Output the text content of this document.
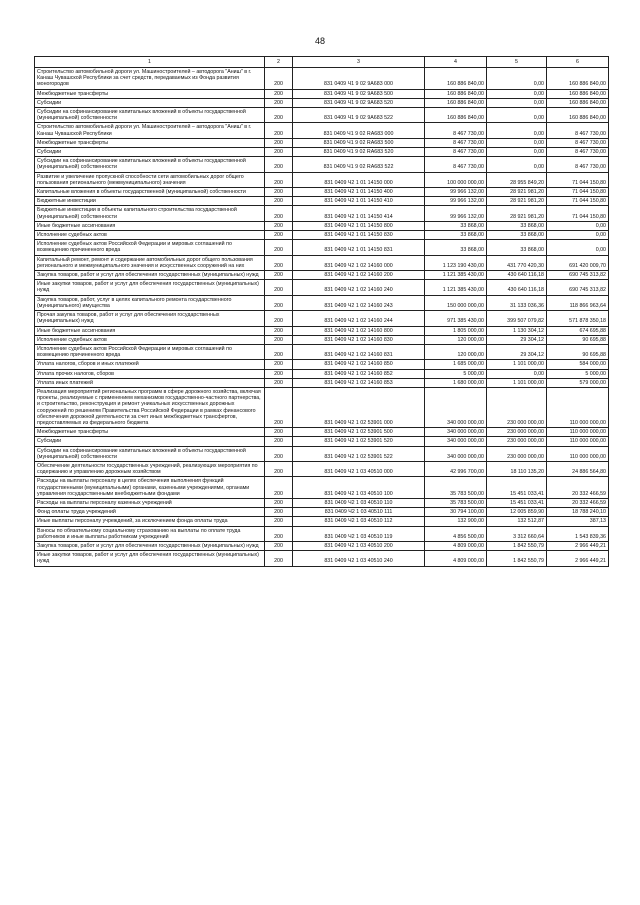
48
1	2	3	4	5	6
Строительство автомобильной дороги ул. Машиностроителей – автодорога "Аниш" в г. Канаш Чувашской Республики за счет средств, передаваемых из Фонда развития моногородов	200	831 0409 Ч1 9 02 9А683 000	160 886 840,00	0,00	160 886 840,00
Межбюджетные трансферты	200	831 0409 Ч1 9 02 9А683 500	160 886 840,00	0,00	160 886 840,00
Субсидии	200	831 0409 Ч1 9 02 9А683 520	160 886 840,00	0,00	160 886 840,00
Субсидии на софинансирование капитальных вложений в объекты государственной (муниципальной) собственности	200	831 0409 Ч1 9 02 9А683 522	160 886 840,00	0,00	160 886 840,00
Строительство автомобильной дороги ул. Машиностроителей – автодорога "Аниш" в г. Канаш Чувашской Республики	200	831 0409 Ч1 9 02 RA683 000	8 467 730,00	0,00	8 467 730,00
Межбюджетные трансферты	200	831 0409 Ч1 9 02 RA683 500	8 467 730,00	0,00	8 467 730,00
Субсидии	200	831 0409 Ч1 9 02 RA683 520	8 467 730,00	0,00	8 467 730,00
Субсидии на софинансирование капитальных вложений в объекты государственной (муниципальной) собственности	200	831 0409 Ч1 9 02 RA683 522	8 467 730,00	0,00	8 467 730,00
Развитие и увеличение пропускной способности сети автомобильных дорог общего пользования регионального (межмуниципального) значения	200	831 0409 Ч2 1 01 14150 000	100 000 000,00	28 955 849,20	71 044 150,80
Капитальные вложения в объекты государственной (муниципальной) собственности	200	831 0409 Ч2 1 01 14150 400	99 966 132,00	28 921 981,20	71 044 150,80
Бюджетные инвестиции	200	831 0409 Ч2 1 01 14150 410	99 966 132,00	28 921 981,20	71 044 150,80
Бюджетные инвестиции в объекты капитального строительства государственной (муниципальной) собственности	200	831 0409 Ч2 1 01 14150 414	99 966 132,00	28 921 981,20	71 044 150,80
Иные бюджетные ассигнования	200	831 0409 Ч2 1 01 14150 800	33 868,00	33 868,00	0,00
Исполнение судебных актов	200	831 0409 Ч2 1 01 14150 830	33 868,00	33 868,00	0,00
Исполнение судебных актов Российской Федерации и мировых соглашений по возмещению причиненного вреда	200	831 0409 Ч2 1 01 14150 831	33 868,00	33 868,00	0,00
Капитальный ремонт, ремонт и содержание автомобильных дорог общего пользования регионального и межмуниципального значения и искусственных сооружений на них	200	831 0409 Ч2 1 02 14160 000	1 123 190 430,00	431 770 420,30	691 420 009,70
Закупка товаров, работ и услуг для обеспечения государственных (муниципальных) нужд	200	831 0409 Ч2 1 02 14160 200	1 121 385 430,00	430 640 116,18	690 745 313,82
Иные закупки товаров, работ и услуг для обеспечения государственных (муниципальных) нужд	200	831 0409 Ч2 1 02 14160 240	1 121 385 430,00	430 640 116,18	690 745 313,82
Закупка товаров, работ, услуг в целях капитального ремонта государственного (муниципального) имущества	200	831 0409 Ч2 1 02 14160 243	150 000 000,00	31 133 036,36	118 866 963,64
Прочая закупка товаров, работ и услуг для обеспечения государственных (муниципальных) нужд	200	831 0409 Ч2 1 02 14160 244	971 385 430,00	399 507 079,82	571 878 350,18
Иные бюджетные ассигнования	200	831 0409 Ч2 1 02 14160 800	1 805 000,00	1 130 304,12	674 695,88
Исполнение судебных актов	200	831 0409 Ч2 1 02 14160 830	120 000,00	29 304,12	90 695,88
Исполнение судебных актов Российской Федерации и мировых соглашений по возмещению причиненного вреда	200	831 0409 Ч2 1 02 14160 831	120 000,00	29 304,12	90 695,88
Уплата налогов, сборов и иных платежей	200	831 0409 Ч2 1 02 14160 850	1 685 000,00	1 101 000,00	584 000,00
Уплата прочих налогов, сборов	200	831 0409 Ч2 1 02 14160 852	5 000,00	0,00	5 000,00
Уплата иных платежей	200	831 0409 Ч2 1 02 14160 853	1 680 000,00	1 101 000,00	579 000,00
Реализация мероприятий региональных программ в сфере дорожного хозяйства, включая проекты, реализуемые с применением механизмов государственно-частного партнерства, и строительство, реконструкция и ремонт уникальных искусственных дорожных сооружений по решениям Правительства Российской Федерации в рамках финансового обеспечения дорожной деятельности за счет иных межбюджетных трансфертов, предоставляемых из федерального бюджета	200	831 0409 Ч2 1 02 53901 000	340 000 000,00	230 000 000,00	110 000 000,00
Межбюджетные трансферты	200	831 0409 Ч2 1 02 53901 500	340 000 000,00	230 000 000,00	110 000 000,00
Субсидии	200	831 0409 Ч2 1 02 53901 520	340 000 000,00	230 000 000,00	110 000 000,00
Субсидии на софинансирование капитальных вложений в объекты государственной (муниципальной) собственности	200	831 0409 Ч2 1 02 53901 522	340 000 000,00	230 000 000,00	110 000 000,00
Обеспечение деятельности государственных учреждений, реализующих мероприятия по содержанию и управлению дорожным хозяйством	200	831 0409 Ч2 1 03 40510 000	42 996 700,00	18 110 135,20	24 886 564,80
Расходы на выплаты персоналу в целях обеспечения выполнения функций государственными (муниципальными) органами, казенными учреждениями, органами управления государственными внебюджетными фондами	200	831 0409 Ч2 1 03 40510 100	35 783 500,00	15 451 033,41	20 332 466,59
Расходы на выплаты персоналу казенных учреждений	200	831 0409 Ч2 1 03 40510 110	35 783 500,00	15 451 033,41	20 332 466,59
Фонд оплаты труда учреждений	200	831 0409 Ч2 1 03 40510 111	30 794 100,00	12 005 859,90	18 788 240,10
Иные выплаты персоналу учреждений, за исключением фонда оплаты труда	200	831 0409 Ч2 1 03 40510 112	132 900,00	132 512,87	387,13
Взносы по обязательному социальному страхованию на выплаты по оплате труда работников и иные выплаты работникам учреждений	200	831 0409 Ч2 1 03 40510 119	4 856 500,00	3 312 660,64	1 543 839,36
Закупка товаров, работ и услуг для обеспечения государственных (муниципальных) нужд	200	831 0409 Ч2 1 03 40510 200	4 809 000,00	1 842 550,79	2 966 449,21
Иные закупки товаров, работ и услуг для обеспечения государственных (муниципальных) нужд	200	831 0409 Ч2 1 03 40510 240	4 809 000,00	1 842 550,79	2 966 449,21
